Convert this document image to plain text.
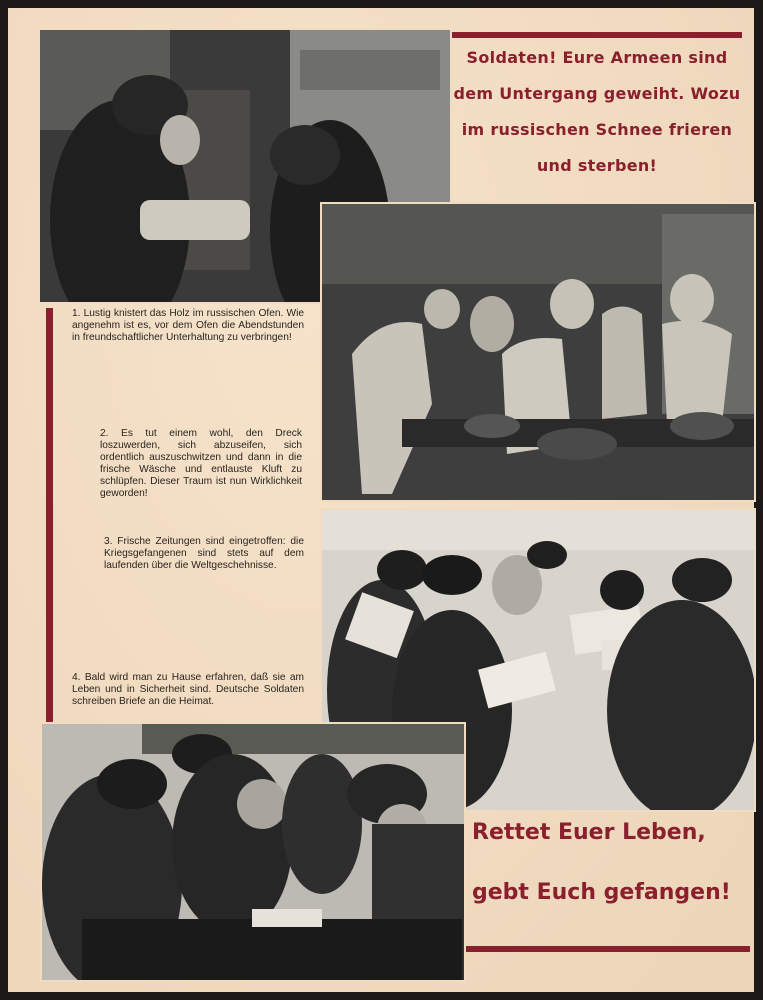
Soldaten! Eure Armeen sind
dem Untergang geweiht. Wozu
im russischen Schnee frieren
und sterben!
1. Lustig knistert das Holz im russischen Ofen. Wie angenehm ist es, vor dem Ofen die Abendstunden in freundschaftlicher Unterhaltung zu verbringen!
2. Es tut einem wohl, den Dreck loszuwerden, sich abzuseifen, sich ordentlich auszuschwitzen und dann in die frische Wäsche und entlauste Kluft zu schlüpfen. Dieser Traum ist nun Wirklichkeit geworden!
3. Frische Zeitungen sind eingetroffen: die Kriegsgefangenen sind stets auf dem laufenden über die Weltgeschehnisse.
4. Bald wird man zu Hause erfahren, daß sie am Leben und in Sicherheit sind. Deutsche Soldaten schreiben Briefe an die Heimat.
Rettet Euer Leben,
gebt Euch gefangen!
